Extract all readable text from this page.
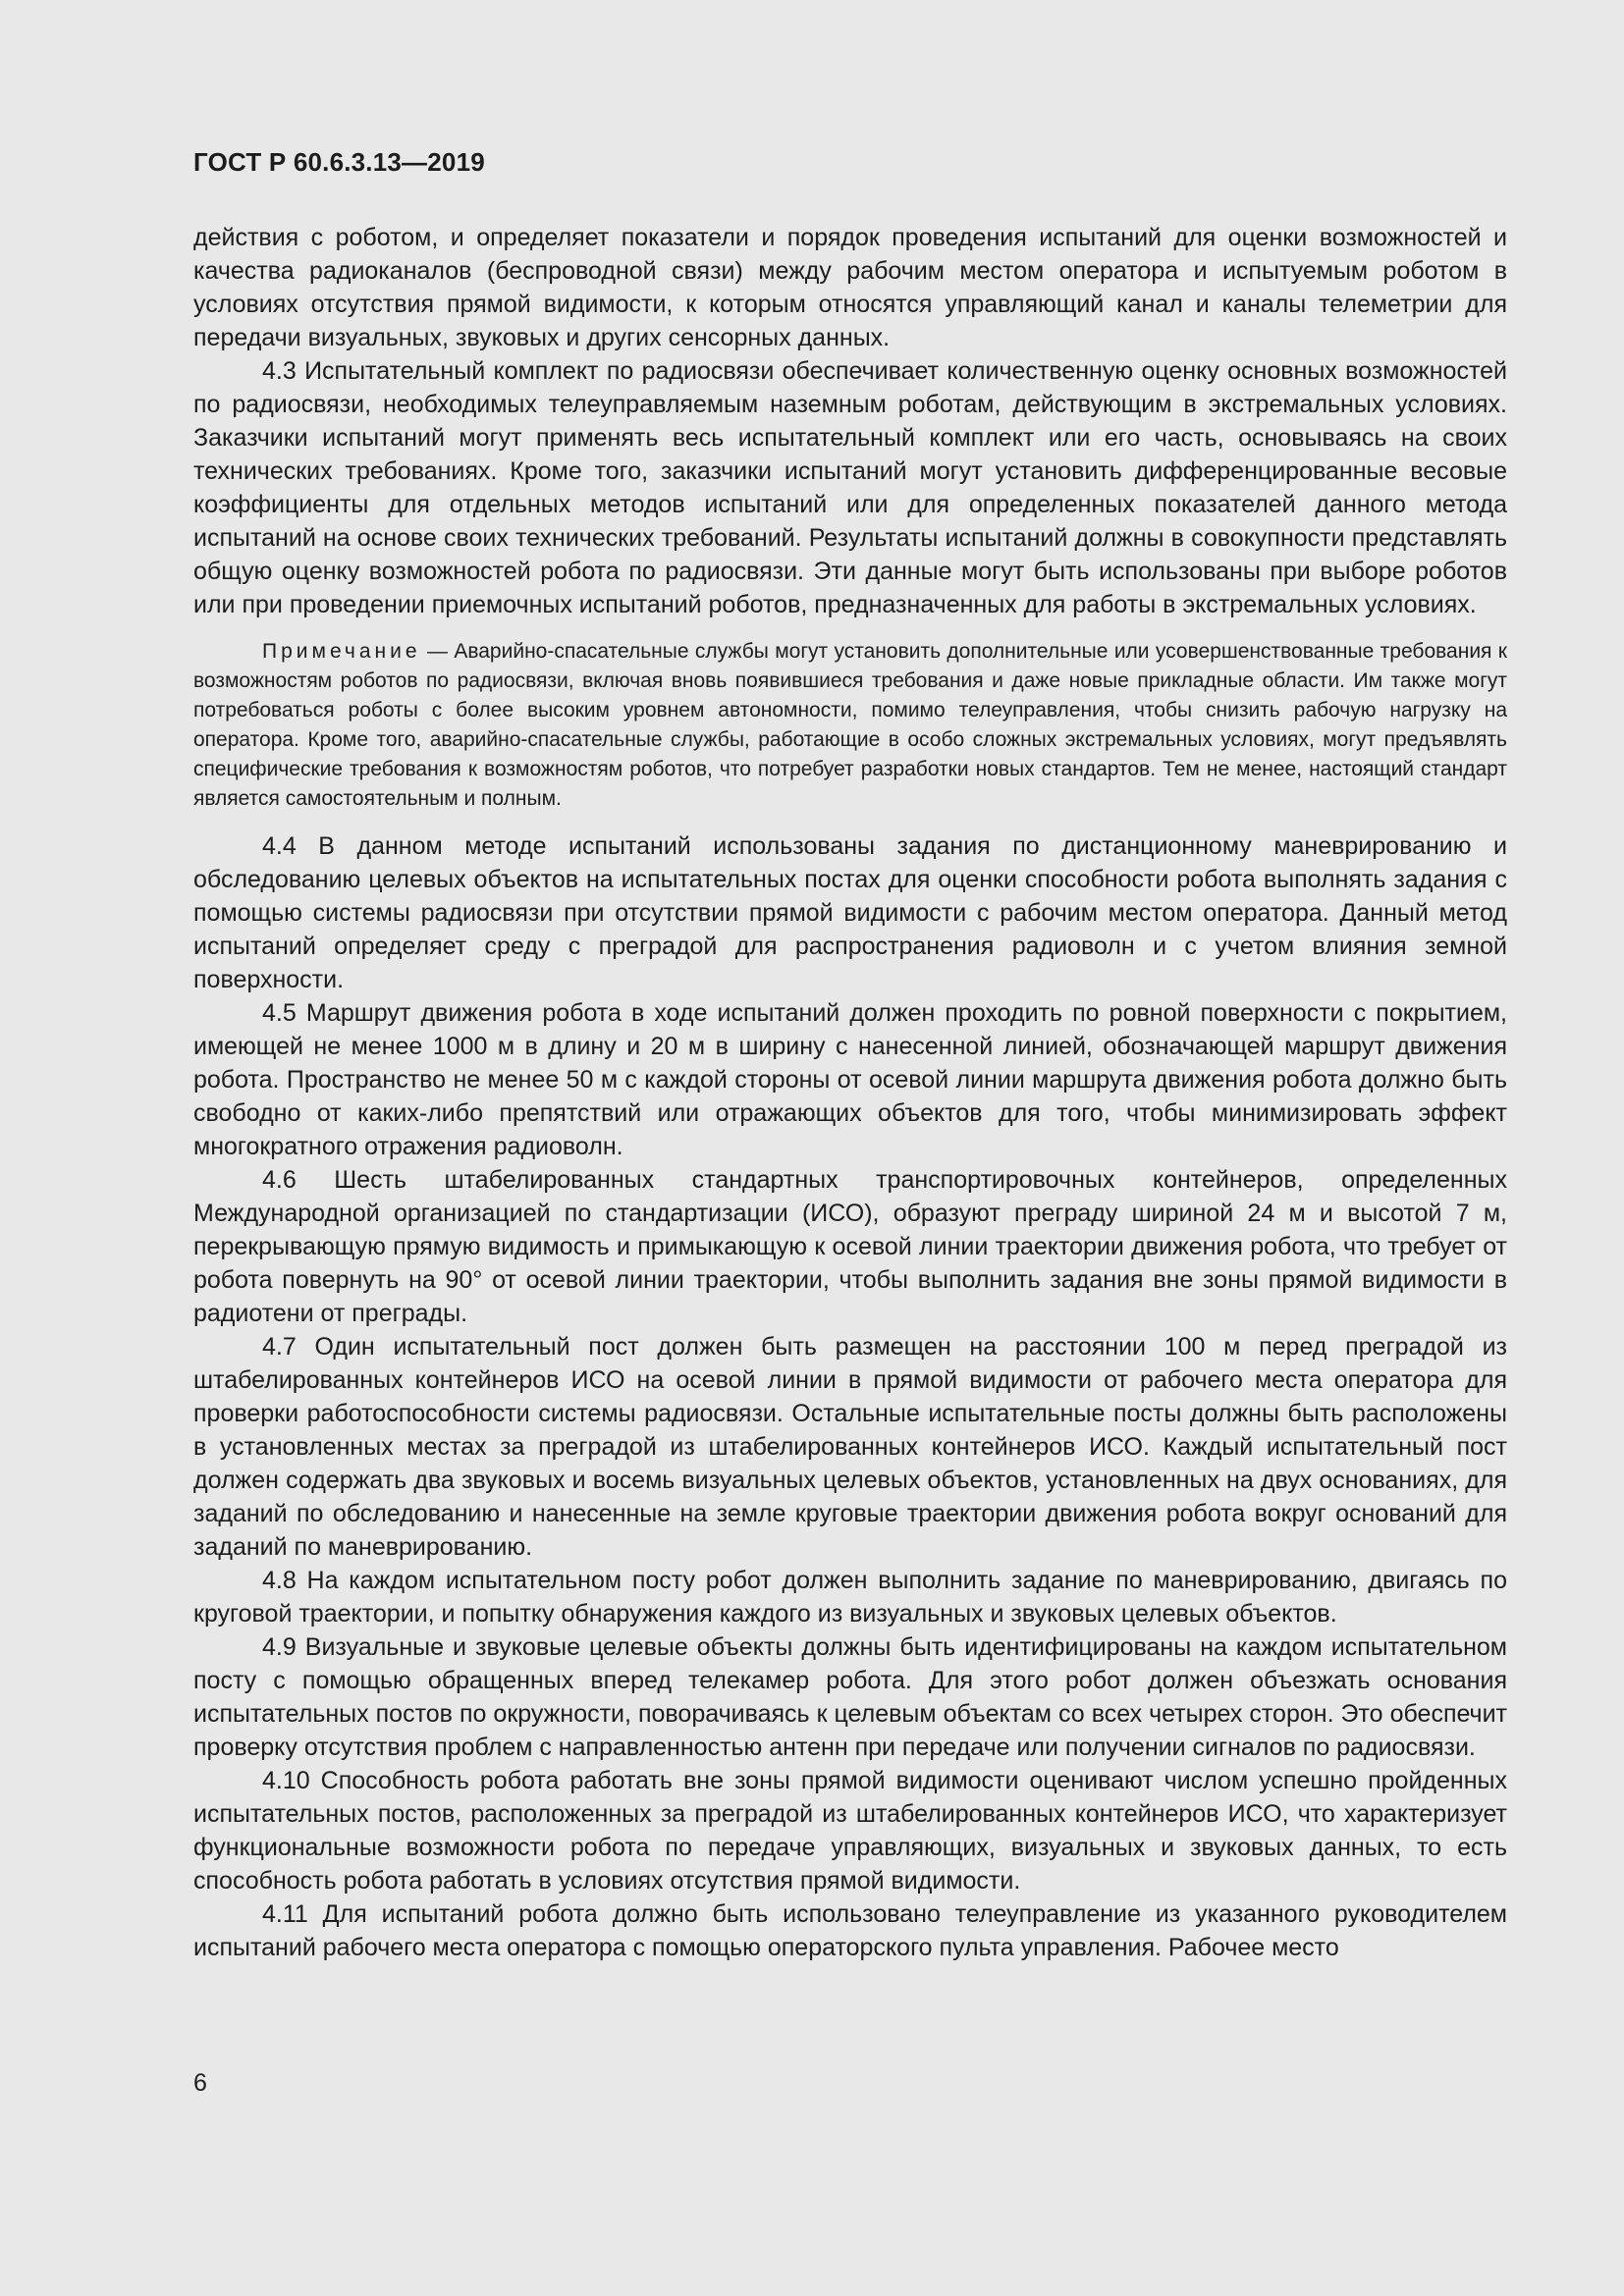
ГОСТ Р 60.6.3.13—2019

действия с роботом, и определяет показатели и порядок проведения испытаний для оценки возможностей и качества радиоканалов (беспроводной связи) между рабочим местом оператора и испытуемым роботом в условиях отсутствия прямой видимости, к которым относятся управляющий канал и каналы телеметрии для передачи визуальных, звуковых и других сенсорных данных.

4.3 Испытательный комплект по радиосвязи обеспечивает количественную оценку основных возможностей по радиосвязи, необходимых телеуправляемым наземным роботам, действующим в экстремальных условиях. Заказчики испытаний могут применять весь испытательный комплект или его часть, основываясь на своих технических требованиях. Кроме того, заказчики испытаний могут установить дифференцированные весовые коэффициенты для отдельных методов испытаний или для определенных показателей данного метода испытаний на основе своих технических требований. Результаты испытаний должны в совокупности представлять общую оценку возможностей робота по радиосвязи. Эти данные могут быть использованы при выборе роботов или при проведении приемочных испытаний роботов, предназначенных для работы в экстремальных условиях.

Примечание — Аварийно-спасательные службы могут установить дополнительные или усовершенствованные требования к возможностям роботов по радиосвязи, включая вновь появившиеся требования и даже новые прикладные области. Им также могут потребоваться роботы с более высоким уровнем автономности, помимо телеуправления, чтобы снизить рабочую нагрузку на оператора. Кроме того, аварийно-спасательные службы, работающие в особо сложных экстремальных условиях, могут предъявлять специфические требования к возможностям роботов, что потребует разработки новых стандартов. Тем не менее, настоящий стандарт является самостоятельным и полным.

4.4 В данном методе испытаний использованы задания по дистанционному маневрированию и обследованию целевых объектов на испытательных постах для оценки способности робота выполнять задания с помощью системы радиосвязи при отсутствии прямой видимости с рабочим местом оператора. Данный метод испытаний определяет среду с преградой для распространения радиоволн и с учетом влияния земной поверхности.

4.5 Маршрут движения робота в ходе испытаний должен проходить по ровной поверхности с покрытием, имеющей не менее 1000 м в длину и 20 м в ширину с нанесенной линией, обозначающей маршрут движения робота. Пространство не менее 50 м с каждой стороны от осевой линии маршрута движения робота должно быть свободно от каких-либо препятствий или отражающих объектов для того, чтобы минимизировать эффект многократного отражения радиоволн.

4.6 Шесть штабелированных стандартных транспортировочных контейнеров, определенных Международной организацией по стандартизации (ИСО), образуют преграду шириной 24 м и высотой 7 м, перекрывающую прямую видимость и примыкающую к осевой линии траектории движения робота, что требует от робота повернуть на 90° от осевой линии траектории, чтобы выполнить задания вне зоны прямой видимости в радиотени от преграды.

4.7 Один испытательный пост должен быть размещен на расстоянии 100 м перед преградой из штабелированных контейнеров ИСО на осевой линии в прямой видимости от рабочего места оператора для проверки работоспособности системы радиосвязи. Остальные испытательные посты должны быть расположены в установленных местах за преградой из штабелированных контейнеров ИСО. Каждый испытательный пост должен содержать два звуковых и восемь визуальных целевых объектов, установленных на двух основаниях, для заданий по обследованию и нанесенные на земле круговые траектории движения робота вокруг оснований для заданий по маневрированию.

4.8 На каждом испытательном посту робот должен выполнить задание по маневрированию, двигаясь по круговой траектории, и попытку обнаружения каждого из визуальных и звуковых целевых объектов.

4.9 Визуальные и звуковые целевые объекты должны быть идентифицированы на каждом испытательном посту с помощью обращенных вперед телекамер робота. Для этого робот должен объезжать основания испытательных постов по окружности, поворачиваясь к целевым объектам со всех четырех сторон. Это обеспечит проверку отсутствия проблем с направленностью антенн при передаче или получении сигналов по радиосвязи.

4.10 Способность робота работать вне зоны прямой видимости оценивают числом успешно пройденных испытательных постов, расположенных за преградой из штабелированных контейнеров ИСО, что характеризует функциональные возможности робота по передаче управляющих, визуальных и звуковых данных, то есть способность робота работать в условиях отсутствия прямой видимости.

4.11 Для испытаний робота должно быть использовано телеуправление из указанного руководителем испытаний рабочего места оператора с помощью операторского пульта управления. Рабочее место

6
